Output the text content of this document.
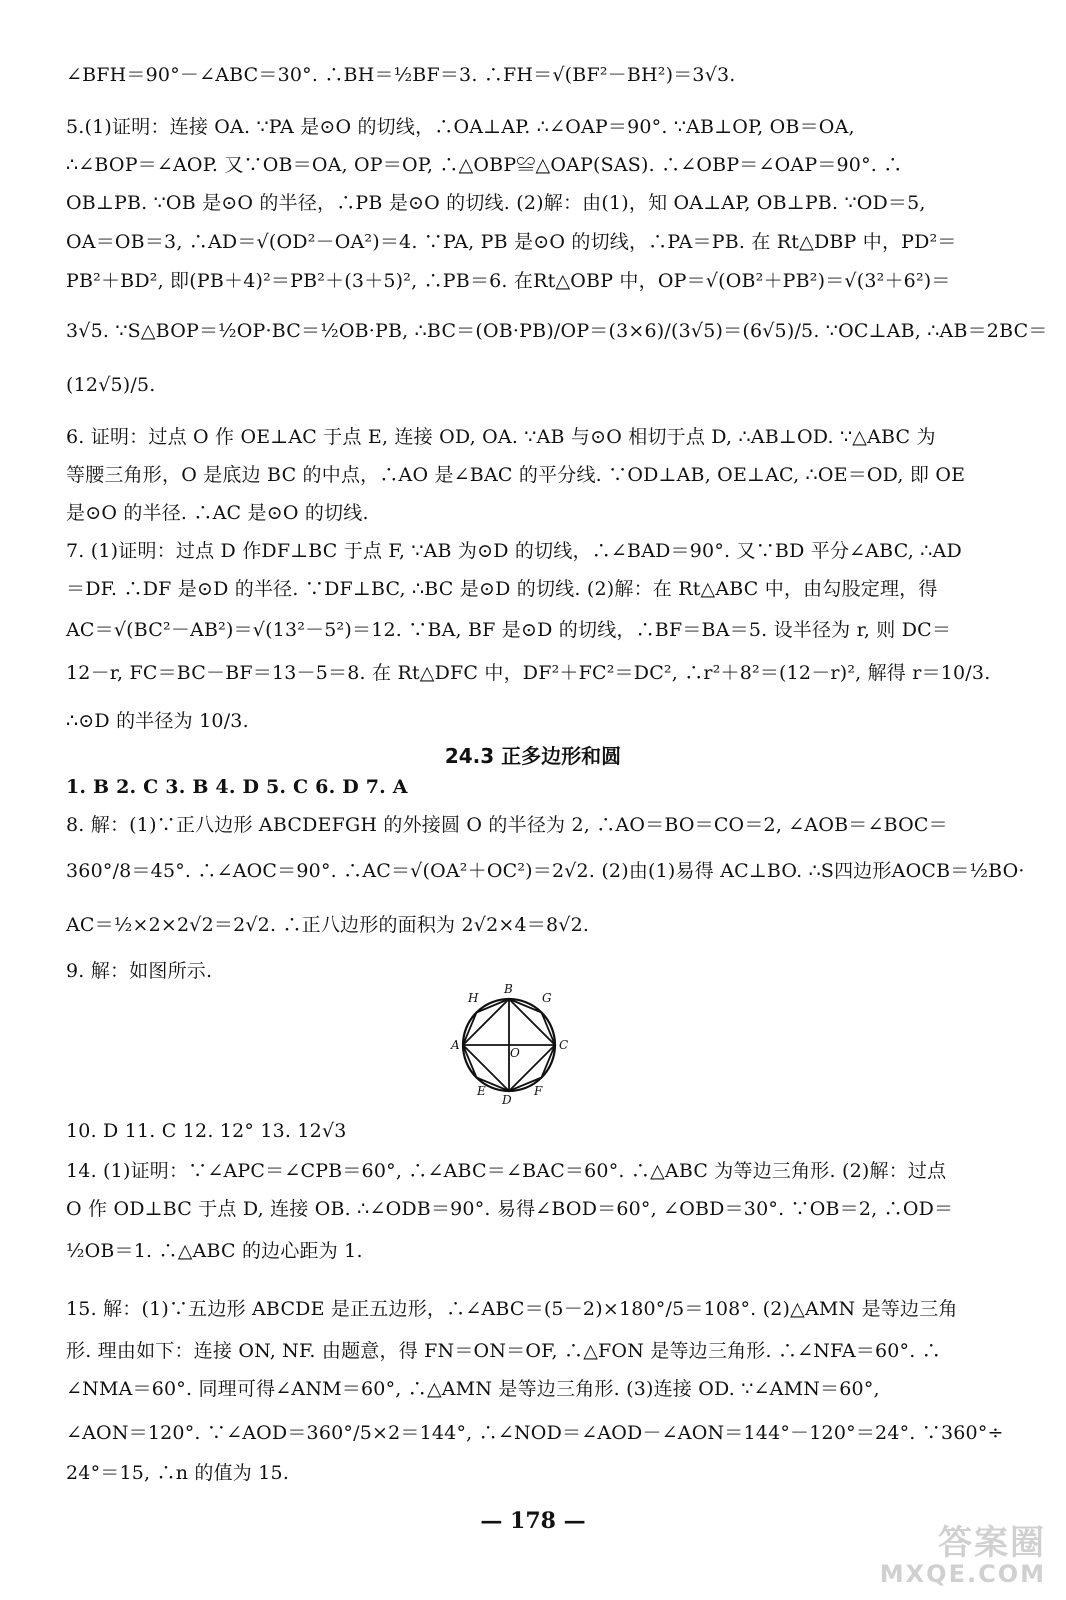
∠BFH＝90°－∠ABC＝30°. ∴BH＝½BF＝3. ∴FH＝√(BF²－BH²)＝3√3.
5.(1)证明：连接 OA. ∵PA 是⊙O 的切线，∴OA⊥AP. ∴∠OAP＝90°. ∵AB⊥OP, OB＝OA,
∴∠BOP＝∠AOP. 又∵OB＝OA, OP＝OP, ∴△OBP≌△OAP(SAS). ∴∠OBP＝∠OAP＝90°. ∴
OB⊥PB. ∵OB 是⊙O 的半径，∴PB 是⊙O 的切线. (2)解：由(1)，知 OA⊥AP, OB⊥PB. ∵OD＝5,
OA＝OB＝3, ∴AD＝√(OD²－OA²)＝4. ∵PA, PB 是⊙O 的切线，∴PA＝PB. 在 Rt△DBP 中，PD²＝
PB²＋BD², 即(PB＋4)²＝PB²＋(3＋5)², ∴PB＝6. 在Rt△OBP 中，OP＝√(OB²＋PB²)＝√(3²＋6²)＝
3√5. ∵S△BOP＝½OP·BC＝½OB·PB, ∴BC＝(OB·PB)/OP＝(3×6)/(3√5)＝(6√5)/5. ∵OC⊥AB, ∴AB＝2BC＝
(12√5)/5.
6. 证明：过点 O 作 OE⊥AC 于点 E, 连接 OD, OA. ∵AB 与⊙O 相切于点 D, ∴AB⊥OD. ∵△ABC 为
等腰三角形，O 是底边 BC 的中点，∴AO 是∠BAC 的平分线. ∵OD⊥AB, OE⊥AC, ∴OE＝OD, 即 OE
是⊙O 的半径. ∴AC 是⊙O 的切线.
7. (1)证明：过点 D 作DF⊥BC 于点 F, ∵AB 为⊙D 的切线，∴∠BAD＝90°. 又∵BD 平分∠ABC, ∴AD
＝DF. ∴DF 是⊙D 的半径. ∵DF⊥BC, ∴BC 是⊙D 的切线. (2)解：在 Rt△ABC 中，由勾股定理，得
AC＝√(BC²－AB²)＝√(13²－5²)＝12. ∵BA, BF 是⊙D 的切线，∴BF＝BA＝5. 设半径为 r, 则 DC＝
12－r, FC＝BC－BF＝13－5＝8. 在 Rt△DFC 中，DF²＋FC²＝DC², ∴r²＋8²＝(12－r)², 解得 r＝10/3.
∴⊙D 的半径为 10/3.
24.3 正多边形和圆
1. B 2. C 3. B 4. D 5. C 6. D 7. A
8. 解：(1)∵正八边形 ABCDEFGH 的外接圆 O 的半径为 2, ∴AO＝BO＝CO＝2, ∠AOB＝∠BOC＝
360°/8＝45°. ∴∠AOC＝90°. ∴AC＝√(OA²＋OC²)＝2√2. (2)由(1)易得 AC⊥BO. ∴S四边形AOCB＝½BO·
AC＝½×2×2√2＝2√2. ∴正八边形的面积为 2√2×4＝8√2.
9. 解：如图所示.
B
H	G
A	C
O
E
D
F
10. D 11. C 12. 12° 13. 12√3
14. (1)证明：∵∠APC＝∠CPB＝60°, ∴∠ABC＝∠BAC＝60°. ∴△ABC 为等边三角形. (2)解：过点
O 作 OD⊥BC 于点 D, 连接 OB. ∴∠ODB＝90°. 易得∠BOD＝60°, ∠OBD＝30°. ∵OB＝2, ∴OD＝
½OB＝1. ∴△ABC 的边心距为 1.
15. 解：(1)∵五边形 ABCDE 是正五边形，∴∠ABC＝(5－2)×180°/5＝108°. (2)△AMN 是等边三角
形. 理由如下：连接 ON, NF. 由题意，得 FN＝ON＝OF, ∴△FON 是等边三角形. ∴∠NFA＝60°. ∴
∠NMA＝60°. 同理可得∠ANM＝60°, ∴△AMN 是等边三角形. (3)连接 OD. ∵∠AMN＝60°,
∠AON＝120°. ∵∠AOD＝360°/5×2＝144°, ∴∠NOD＝∠AOD－∠AON＝144°－120°＝24°. ∵360°÷
24°＝15, ∴n 的值为 15.
— 178 —
答案圈
MXQE.COM
